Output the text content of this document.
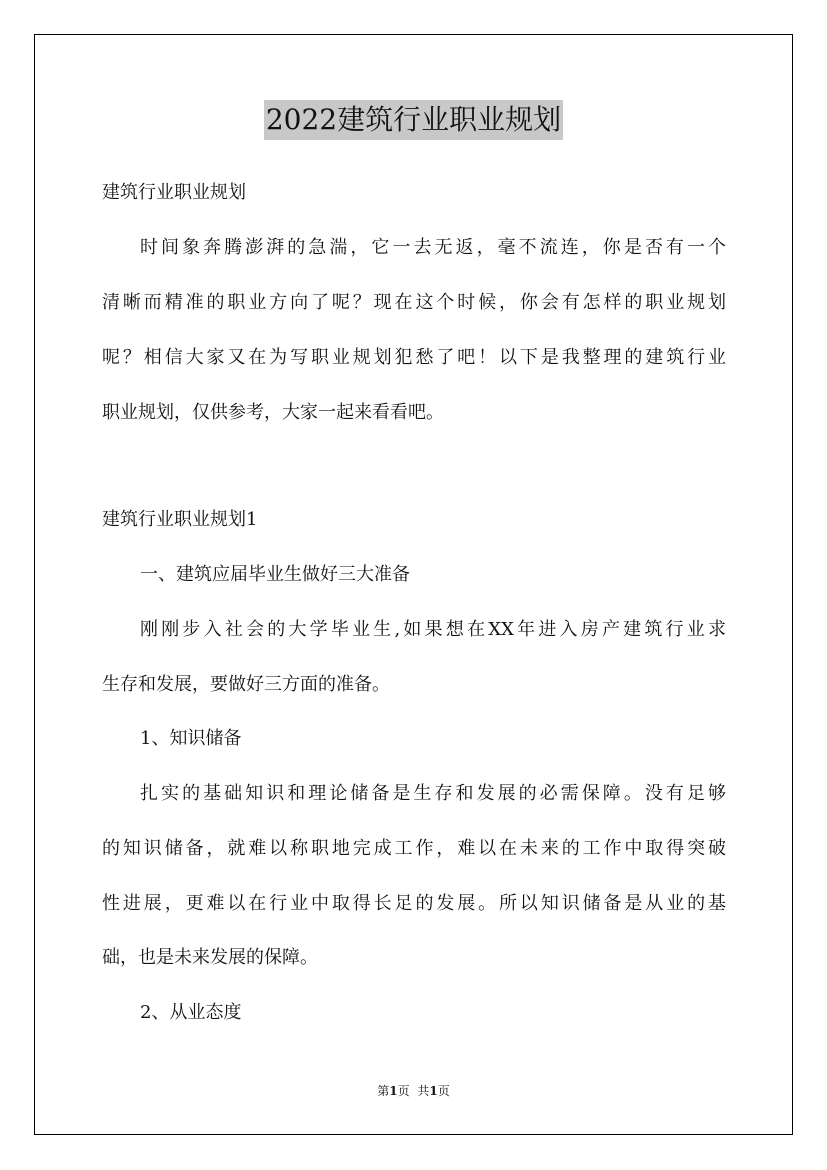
2022建筑行业职业规划
建筑行业职业规划
时间象奔腾澎湃的急湍，它一去无返，毫不流连，你是否有一个
清晰而精准的职业方向了呢？现在这个时候，你会有怎样的职业规划
呢？相信大家又在为写职业规划犯愁了吧！以下是我整理的建筑行业
职业规划，仅供参考，大家一起来看看吧。
建筑行业职业规划1
一、建筑应届毕业生做好三大准备
刚刚步入社会的大学毕业生,如果想在XX年进入房产建筑行业求
生存和发展，要做好三方面的准备。
1、知识储备
扎实的基础知识和理论储备是生存和发展的必需保障。没有足够
的知识储备，就难以称职地完成工作，难以在未来的工作中取得突破
性进展，更难以在行业中取得长足的发展。所以知识储备是从业的基
础，也是未来发展的保障。
2、从业态度
第1页 共1页
